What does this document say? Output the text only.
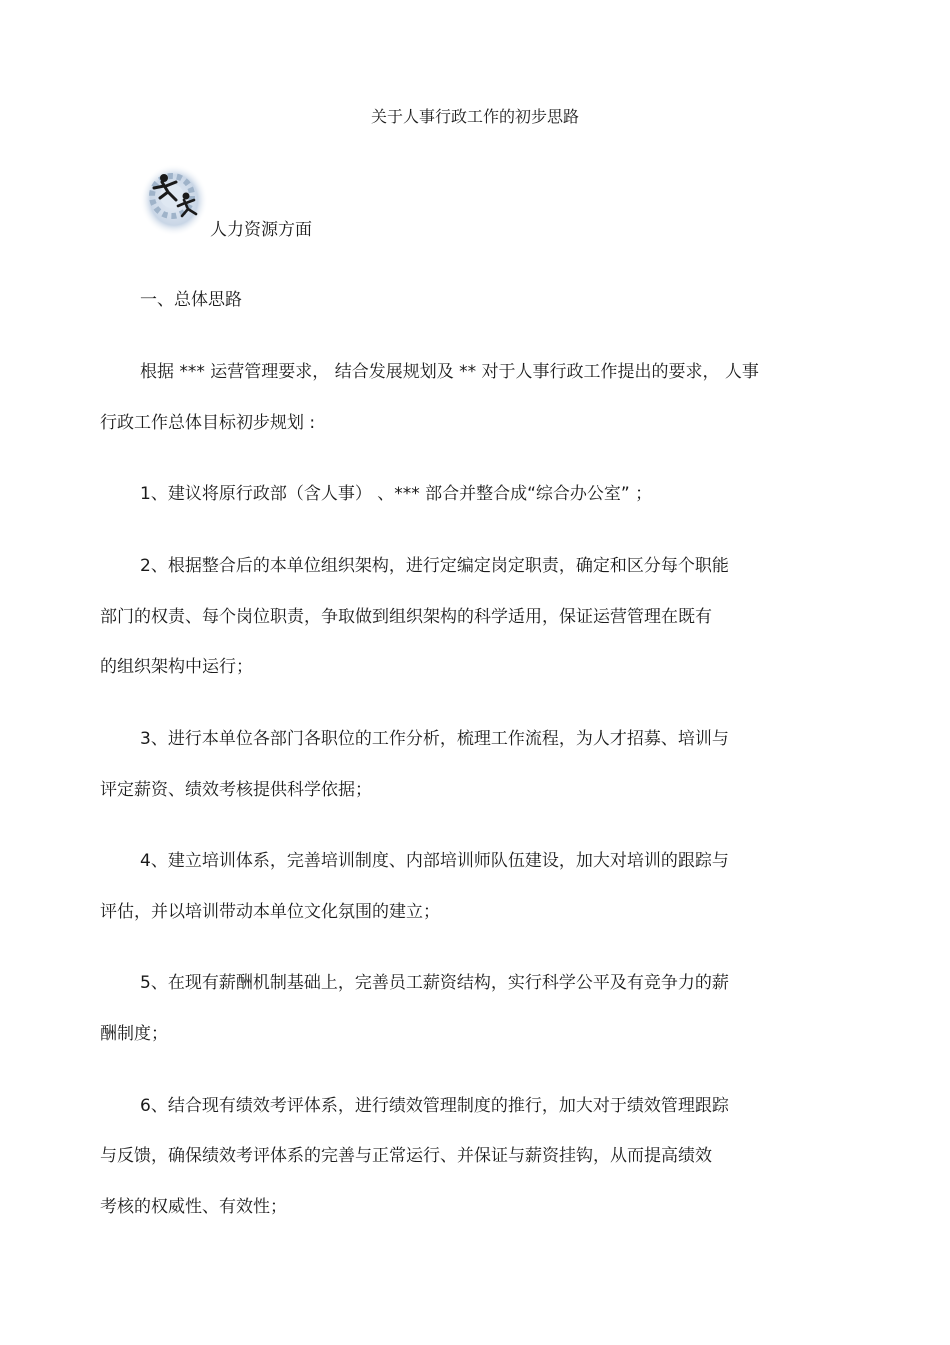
关于人事行政工作的初步思路
人力资源方面
一、总体思路
根据 *** 运营管理要求， 结合发展规划及 ** 对于人事行政工作提出的要求， 人事
行政工作总体目标初步规划 :
1、建议将原行政部（含人事） 、*** 部合并整合成“综合办公室” ；
2、根据整合后的本单位组织架构，进行定编定岗定职责，确定和区分每个职能
部门的权责、每个岗位职责，争取做到组织架构的科学适用，保证运营管理在既有
的组织架构中运行；
3、进行本单位各部门各职位的工作分析，梳理工作流程，为人才招募、培训与
评定薪资、绩效考核提供科学依据；
4、建立培训体系，完善培训制度、内部培训师队伍建设，加大对培训的跟踪与
评估，并以培训带动本单位文化氛围的建立；
5、在现有薪酬机制基础上，完善员工薪资结构，实行科学公平及有竞争力的薪
酬制度；
6、结合现有绩效考评体系，进行绩效管理制度的推行，加大对于绩效管理跟踪
与反馈，确保绩效考评体系的完善与正常运行、并保证与薪资挂钩，从而提高绩效
考核的权威性、有效性；
